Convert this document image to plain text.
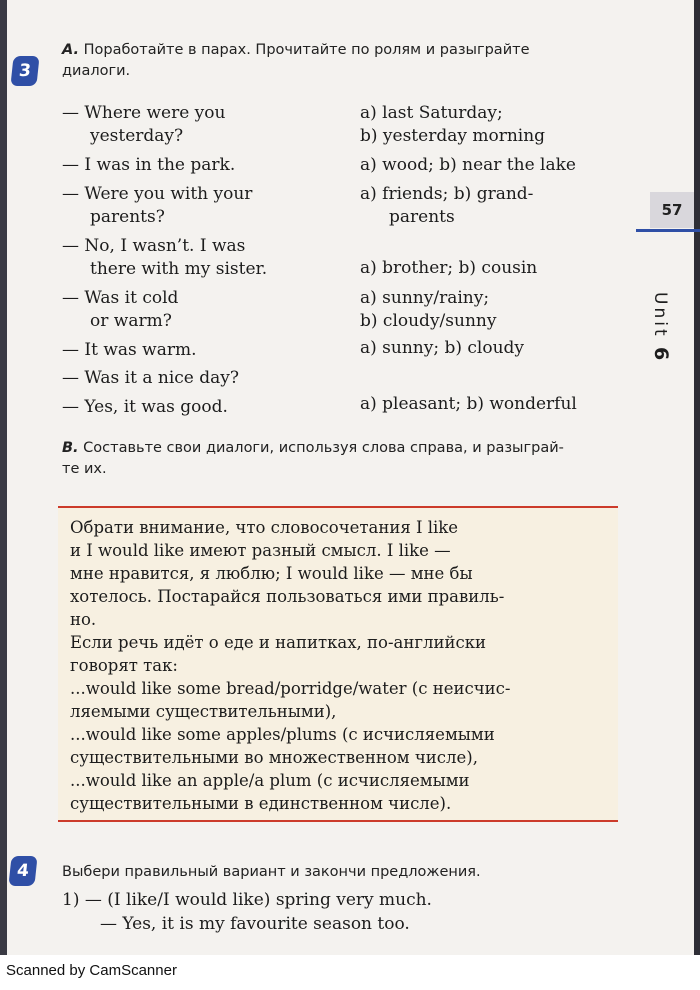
3
A. Поработайте в парах. Прочитайте по ролям и разыграйте
диалоги.
— Where were you
yesterday?
— I was in the park.
— Were you with your
parents?
— No, I wasn’t. I was
there with my sister.
— Was it cold
or warm?
— It was warm.
— Was it a nice day?
— Yes, it was good.
a) last Saturday;
b) yesterday morning
a) wood; b) near the lake
a) friends; b) grand-
parents
a) brother; b) cousin
a) sunny/rainy;
b) cloudy/sunny
a) sunny; b) cloudy
a) pleasant; b) wonderful
B. Составьте свои диалоги, используя слова справа, и разыграй-
те их.
57
Unit 6
Обрати внимание, что словосочетания I like
и I would like имеют разный смысл. I like —
мне нравится, я люблю; I would like — мне бы
хотелось. Постарайся пользоваться ими правиль-
но.
Если речь идёт о еде и напитках, по-английски
говорят так:
...would like some bread/porridge/water (с неисчис-
ляемыми существительными),
...would like some apples/plums (с исчисляемыми
существительными во множественном числе),
...would like an apple/a plum (с исчисляемыми
существительными в единственном числе).
4	Выбери правильный вариант и закончи предложения.
1) — (I like/I would like) spring very much.
— Yes, it is my favourite season too.
Scanned by CamScanner
